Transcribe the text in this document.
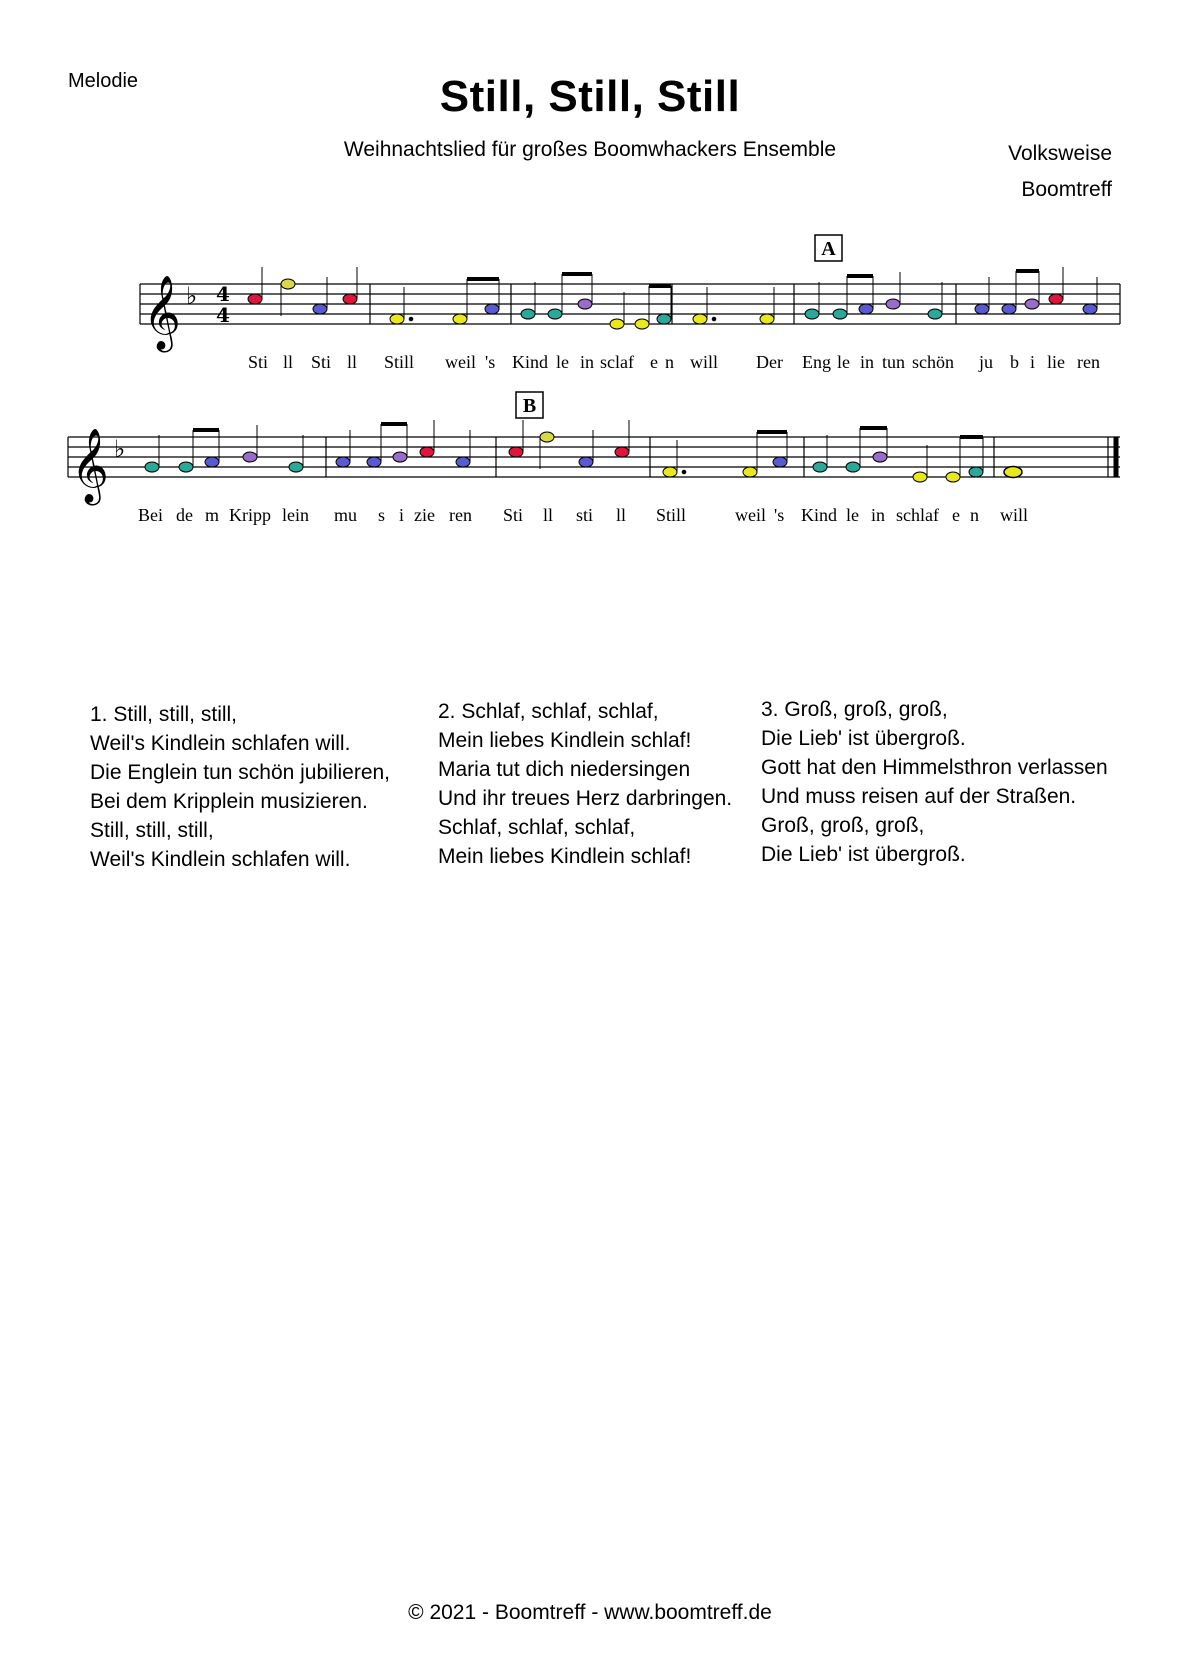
Melodie	Still, Still, Still
Weihnachtslied für großes Boomwhackers Ensemble	Volksweise
Boomtreff
𝄞 ♭ 4
4
A
Sti ll Sti ll Still weil 's Kind le in sclaf e n will Der Eng le in tun schön ju b i lie ren
𝄞 ♭
B
Bei de m Kripp lein mu s i zie ren Sti ll sti ll Still	weil 's Kind le in schlaf e n will
1. Still, still, still,
Weil's Kindlein schlafen will.
Die Englein tun schön jubilieren,
Bei dem Kripplein musizieren.
Still, still, still,
Weil's Kindlein schlafen will.
2. Schlaf, schlaf, schlaf,
Mein liebes Kindlein schlaf!
Maria tut dich niedersingen
Und ihr treues Herz darbringen.
Schlaf, schlaf, schlaf,
Mein liebes Kindlein schlaf!
3. Groß, groß, groß,
Die Lieb' ist übergroß.
Gott hat den Himmelsthron verlassen
Und muss reisen auf der Straßen.
Groß, groß, groß,
Die Lieb' ist übergroß.
© 2021 - Boomtreff - www.boomtreff.de
